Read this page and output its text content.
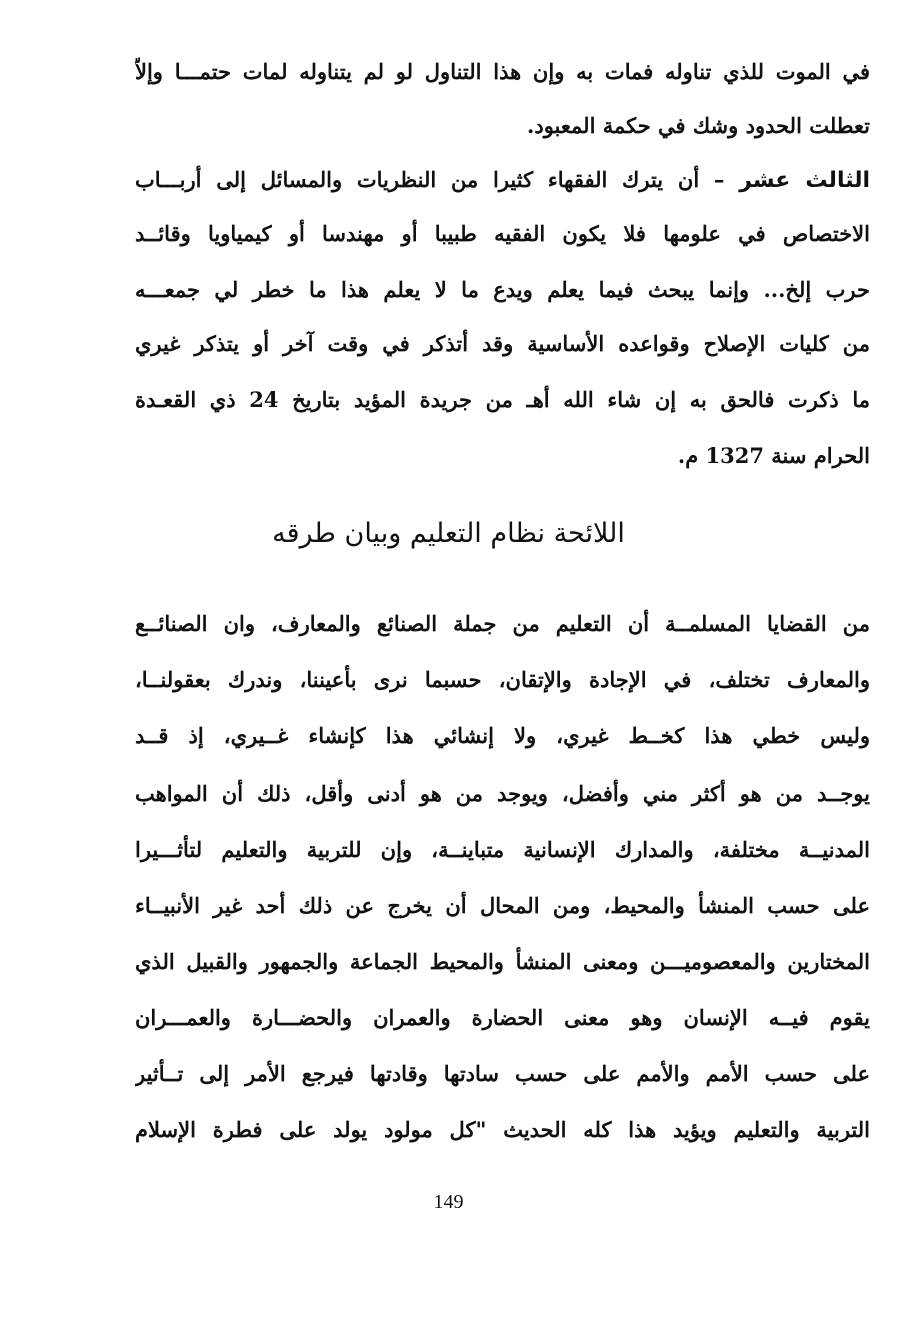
في الموت للذي تناوله فمات به وإن هذا التناول لو لم يتناوله لمات حتمـــا وإلاّ
تعطلت الحدود وشك في حكمة المعبود.
الثالث عشر – أن يترك الفقهاء كثيرا من النظريات والمسائل إلى أربـــاب
الاختصاص في علومها فلا يكون الفقيه طبيبا أو مهندسا أو كيمياويا وقائــد
حرب إلخ... وإنما يبحث فيما يعلم ويدع ما لا يعلم هذا ما خطر لي جمعـــه
من كليات الإصلاح وقواعده الأساسية وقد أتذكر في وقت آخر أو يتذكر غيري
ما ذكرت فالحق به إن شاء الله أهـ من جريدة المؤيد بتاريخ 24 ذي القعـدة
الحرام سنة 1327 م.
اللائحة نظام التعليم وبيان طرقه
من القضايا المسلمــة أن التعليم من جملة الصنائع والمعارف، وان الصنائــع
والمعارف تختلف، في الإجادة والإتقان، حسبما نرى بأعيننا، وندرك بعقولنــا،
وليس خطي هذا كخــط غيري، ولا إنشائي هذا كإنشاء غــيري، إذ قــد
يوجــد من هو أكثر مني وأفضل، ويوجد من هو أدنى وأقل، ذلك أن المواهب
المدنيــة مختلفة، والمدارك الإنسانية متباينــة، وإن للتربية والتعليم لتأثـــيرا
على حسب المنشأ والمحيط، ومن المحال أن يخرج عن ذلك أحد غير الأنبيــاء
المختارين والمعصوميـــن ومعنى المنشأ والمحيط الجماعة والجمهور والقبيل الذي
يقوم فيــه الإنسان وهو معنى الحضارة والعمران والحضـــارة والعمـــران
على حسب الأمم والأمم على حسب سادتها وقادتها فيرجع الأمر إلى تــأثير
التربية والتعليم ويؤيد هذا كله الحديث "كل مولود يولد على فطرة الإسلام
149
